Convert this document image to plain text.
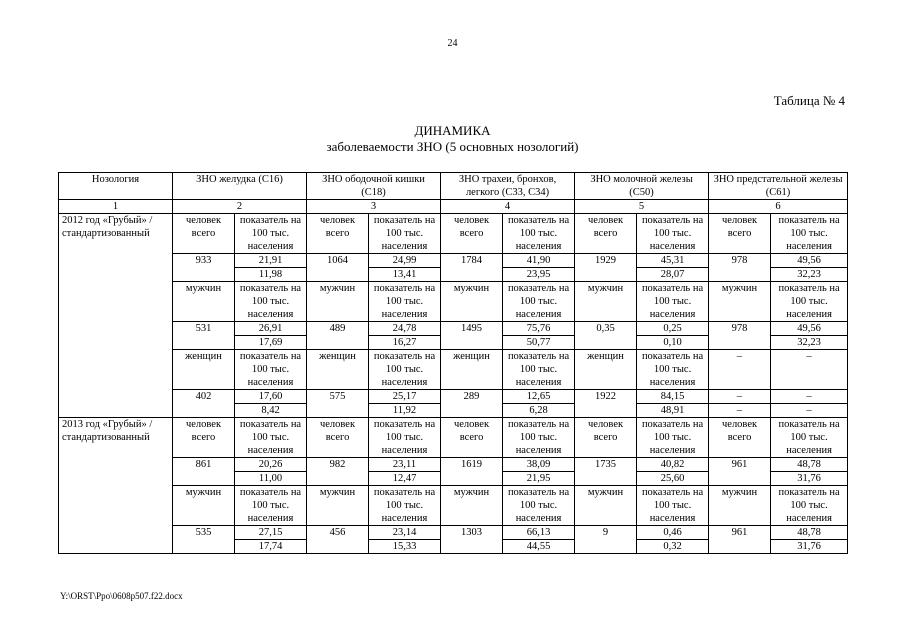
24
Таблица № 4
ДИНАМИКА
заболеваемости ЗНО (5 основных нозологий)
Нозология	ЗНО желудка (С16)		ЗНО ободочной кишки (С18)		ЗНО трахеи, бронхов, легкого (С33, С34)		ЗНО молочной железы (С50)		ЗНО предстательной железы (С61)	
1	2		3		4		5		6	
2012 год «Грубый» / стандартизованный	человек всего	показатель на 100 тыс. населения	человек всего	показатель на 100 тыс. населения	человек всего	показатель на 100 тыс. населения	человек всего	показатель на 100 тыс. населения	человек всего	показатель на 100 тыс. населения
	933	21,91	1064	24,99	1784	41,90	1929	45,31	978	49,56
		11,98		13,41		23,95		28,07		32,23
	мужчин	показатель на 100 тыс. населения	мужчин	показатель на 100 тыс. населения	мужчин	показатель на 100 тыс. населения	мужчин	показатель на 100 тыс. населения	мужчин	показатель на 100 тыс. населения
	531	26,91	489	24,78	1495	75,76	0,35	0,25	978	49,56
		17,69		16,27		50,77		0,10		32,23
	женщин	показатель на 100 тыс. населения	женщин	показатель на 100 тыс. населения	женщин	показатель на 100 тыс. населения	женщин	показатель на 100 тыс. населения	–	–
	402	17,60	575	25,17	289	12,65	1922	84,15	–	–
		8,42		11,92		6,28		48,91	–	–
2013 год «Грубый» / стандартизованный	человек всего	показатель на 100 тыс. населения	человек всего	показатель на 100 тыс. населения	человек всего	показатель на 100 тыс. населения	человек всего	показатель на 100 тыс. населения	человек всего	показатель на 100 тыс. населения
	861	20,26	982	23,11	1619	38,09	1735	40,82	961	48,78
		11,00		12,47		21,95		25,60		31,76
	мужчин	показатель на 100 тыс. населения	мужчин	показатель на 100 тыс. населения	мужчин	показатель на 100 тыс. населения	мужчин	показатель на 100 тыс. населения	мужчин	показатель на 100 тыс. населения
	535	27,15	456	23,14	1303	66,13	9	0,46	961	48,78
		17,74		15,33		44,55		0,32		31,76
Y:\ORST\Ppo\0608p507.f22.docx
